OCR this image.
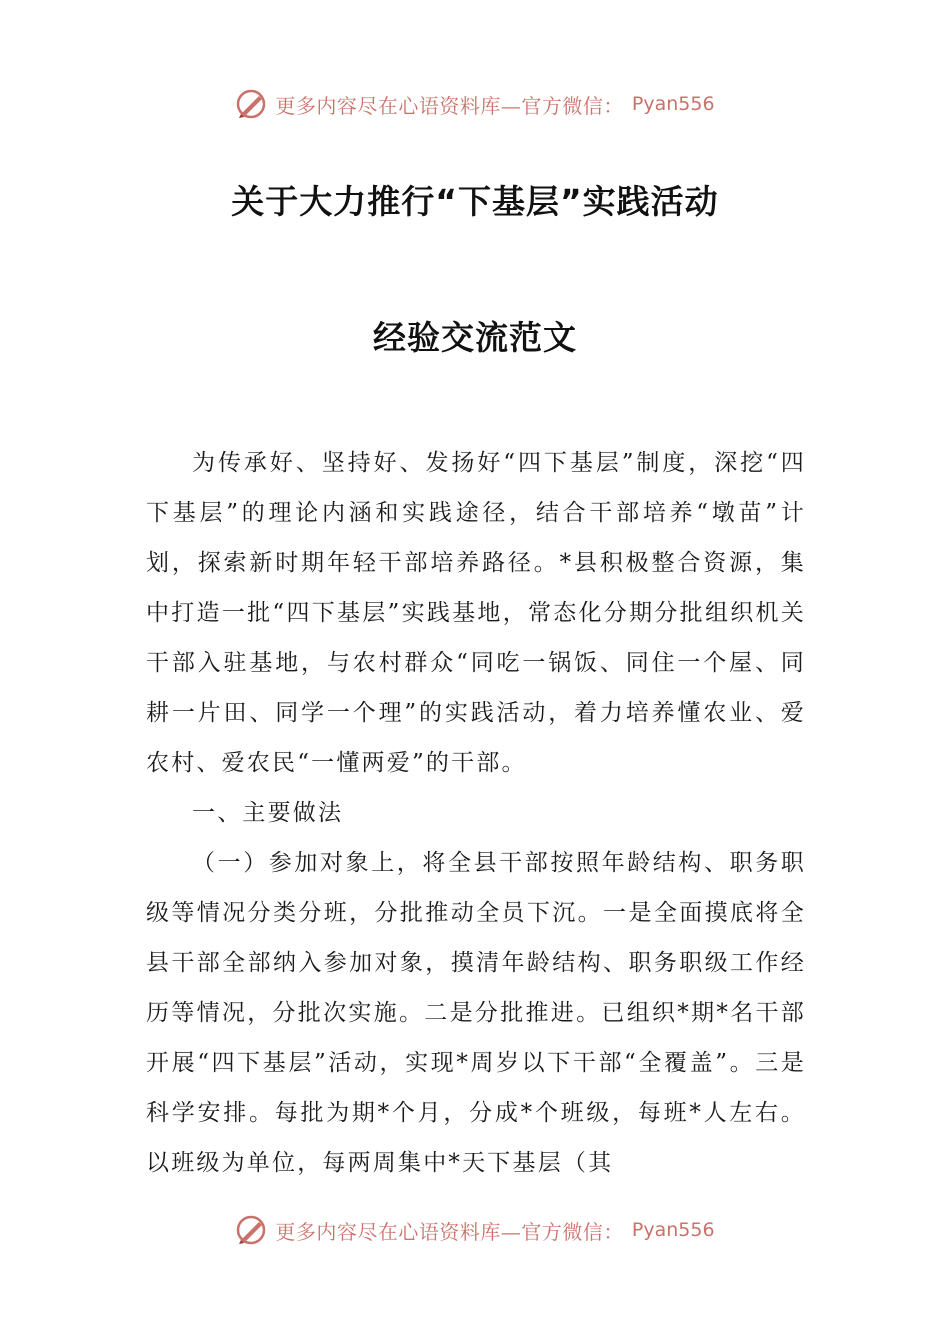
更多内容尽在心语资料库—官方微信： Pyan556
关于大力推行“下基层”实践活动
经验交流范文

为传承好、坚持好、发扬好“四下基层”制度，深挖“四下基层”的理论内涵和实践途径，结合干部培养“墩苗”计划，探索新时期年轻干部培养路径。*县积极整合资源，集中打造一批“四下基层”实践基地，常态化分期分批组织机关干部入驻基地，与农村群众“同吃一锅饭、同住一个屋、同耕一片田、同学一个理”的实践活动，着力培养懂农业、爱农村、爱农民“一懂两爱”的干部。

一、主要做法

（一）参加对象上，将全县干部按照年龄结构、职务职级等情况分类分班，分批推动全员下沉。一是全面摸底将全县干部全部纳入参加对象，摸清年龄结构、职务职级工作经历等情况，分批次实施。二是分批推进。已组织*期*名干部开展“四下基层”活动，实现*周岁以下干部“全覆盖”。三是科学安排。每批为期*个月，分成*个班级，每班*人左右。以班级为单位，每两周集中*天下基层（其

更多内容尽在心语资料库—官方微信： Pyan556
